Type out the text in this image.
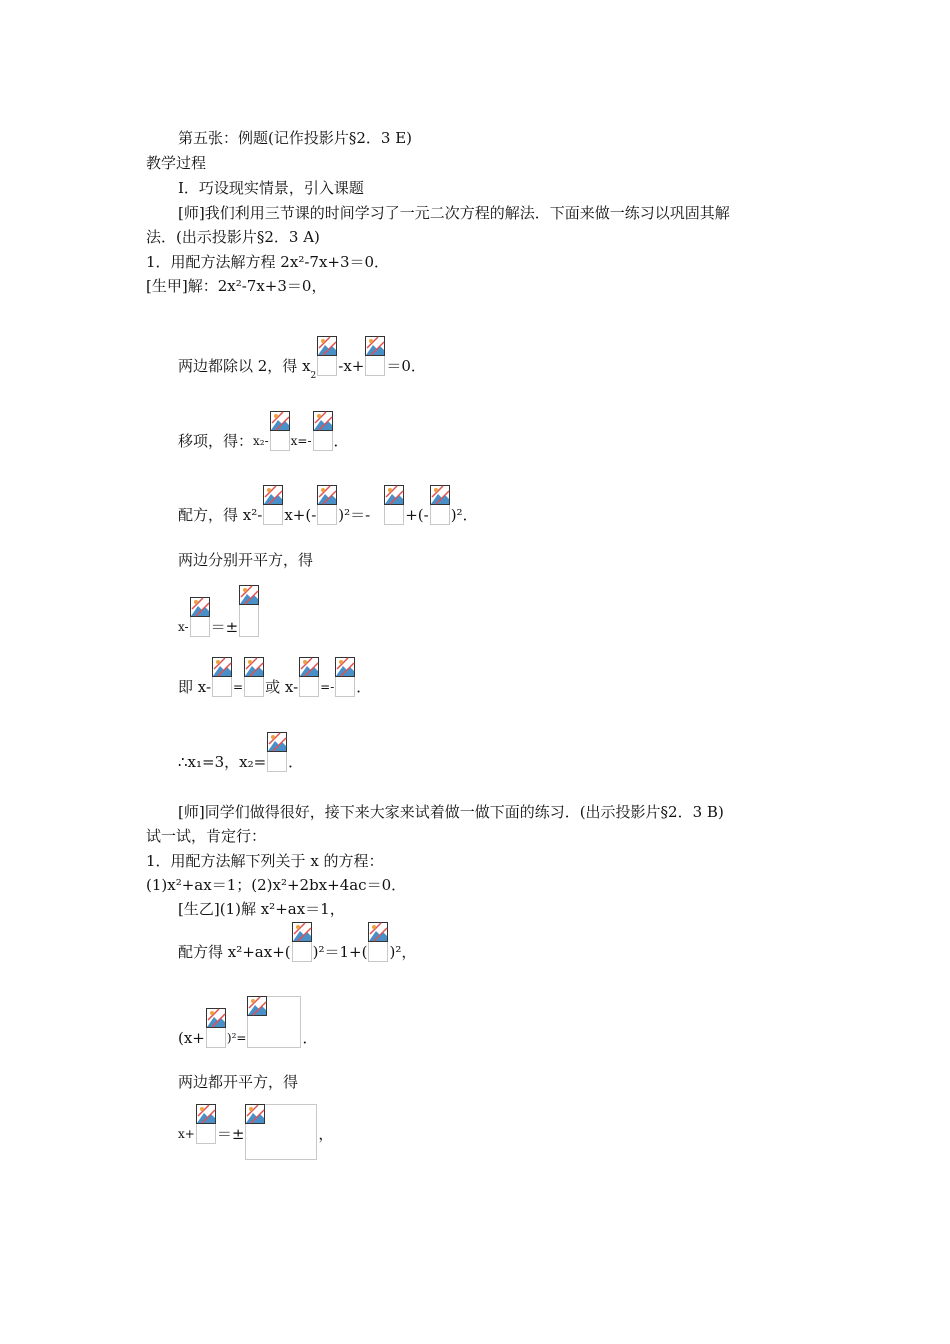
第五张：例题(记作投影片§2．3 E)
教学过程
Ⅰ．巧设现实情景，引入课题
[师]我们利用三节课的时间学习了一元二次方程的解法．下面来做一练习以巩固其解
法．(出示投影片§2．3 A)
1．用配方法解方程 2x²-7x+3＝0．
[生甲]解：2x²-7x+3＝0，
两边都除以 2，得 x
2
-x+ ＝0．
移项，得： x₂- x=- ．
配方，得 x²- x+(- )²＝- +(- )²．
两边分别开平方，得
x- ＝±
即 x- = 或 x- =- ．
∴x₁=3，x₂= ．
[师]同学们做得很好，接下来大家来试着做一做下面的练习．(出示投影片§2．3 B)
试一试，肯定行：
1．用配方法解下列关于 x 的方程：
(1)x²+ax＝1；(2)x²+2bx+4ac＝0．
[生乙](1)解 x²+ax＝1，
配方得 x²+ax+( )²＝1+( )²，
(x+ )²=	．
两边都开平方，得
x+ ＝±	，
